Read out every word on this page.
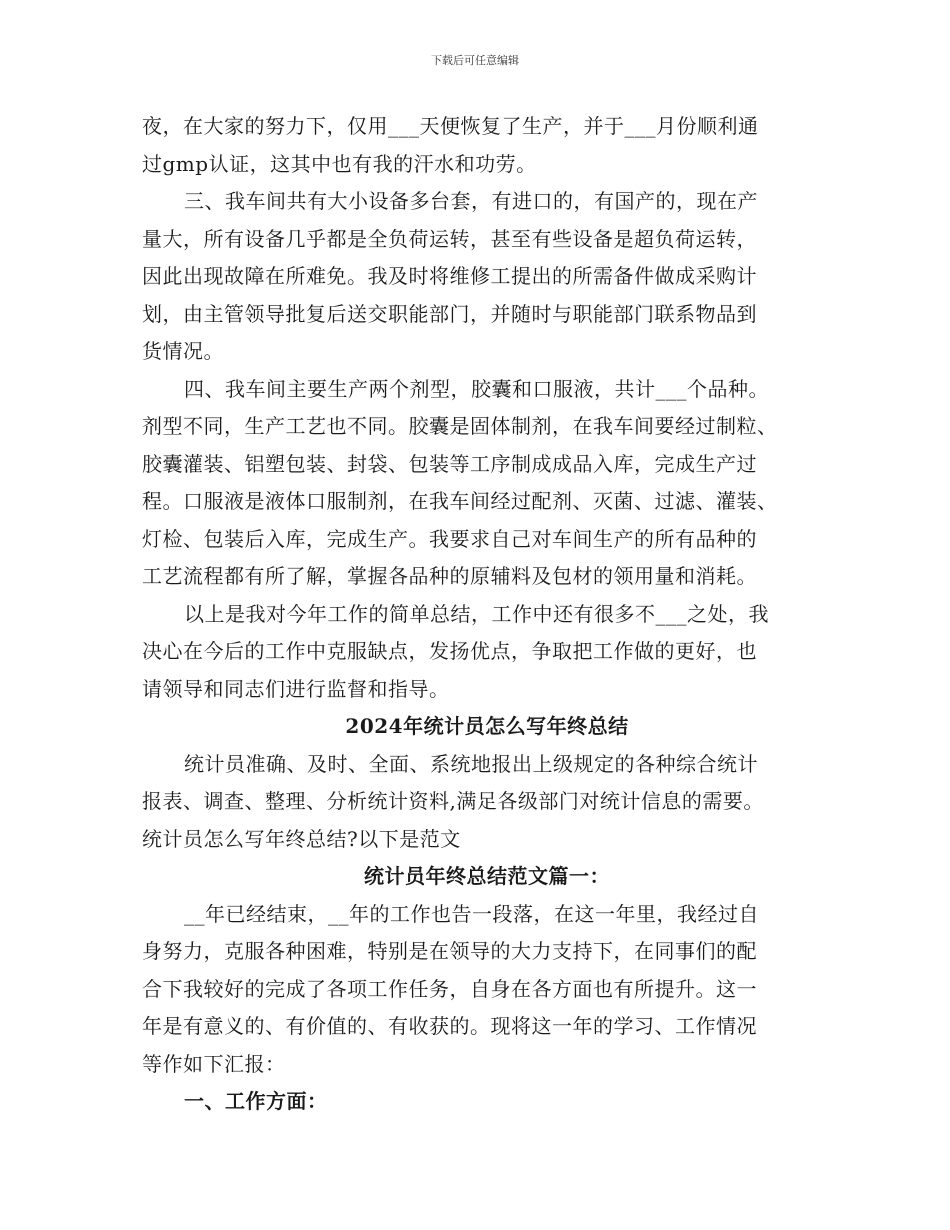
下载后可任意编辑
夜，在大家的努力下，仅用___天便恢复了生产，并于___月份顺利通
过gmp认证，这其中也有我的汗水和功劳。
三、我车间共有大小设备多台套，有进口的，有国产的，现在产
量大，所有设备几乎都是全负荷运转，甚至有些设备是超负荷运转，
因此出现故障在所难免。我及时将维修工提出的所需备件做成采购计
划，由主管领导批复后送交职能部门，并随时与职能部门联系物品到
货情况。
四、我车间主要生产两个剂型，胶囊和口服液，共计___个品种。
剂型不同，生产工艺也不同。胶囊是固体制剂，在我车间要经过制粒、
胶囊灌装、铝塑包装、封袋、包装等工序制成成品入库，完成生产过
程。口服液是液体口服制剂，在我车间经过配剂、灭菌、过滤、灌装、
灯检、包装后入库，完成生产。我要求自己对车间生产的所有品种的
工艺流程都有所了解，掌握各品种的原辅料及包材的领用量和消耗。
以上是我对今年工作的简单总结，工作中还有很多不___之处，我
决心在今后的工作中克服缺点，发扬优点，争取把工作做的更好，也
请领导和同志们进行监督和指导。
2024年统计员怎么写年终总结
统计员准确、及时、全面、系统地报出上级规定的各种综合统计
报表、调查、整理、分析统计资料,满足各级部门对统计信息的需要。
统计员怎么写年终总结?以下是范文
统计员年终总结范文篇一：
__年已经结束，__年的工作也告一段落，在这一年里，我经过自
身努力，克服各种困难，特别是在领导的大力支持下，在同事们的配
合下我较好的完成了各项工作任务，自身在各方面也有所提升。这一
年是有意义的、有价值的、有收获的。现将这一年的学习、工作情况
等作如下汇报：
一、工作方面：
